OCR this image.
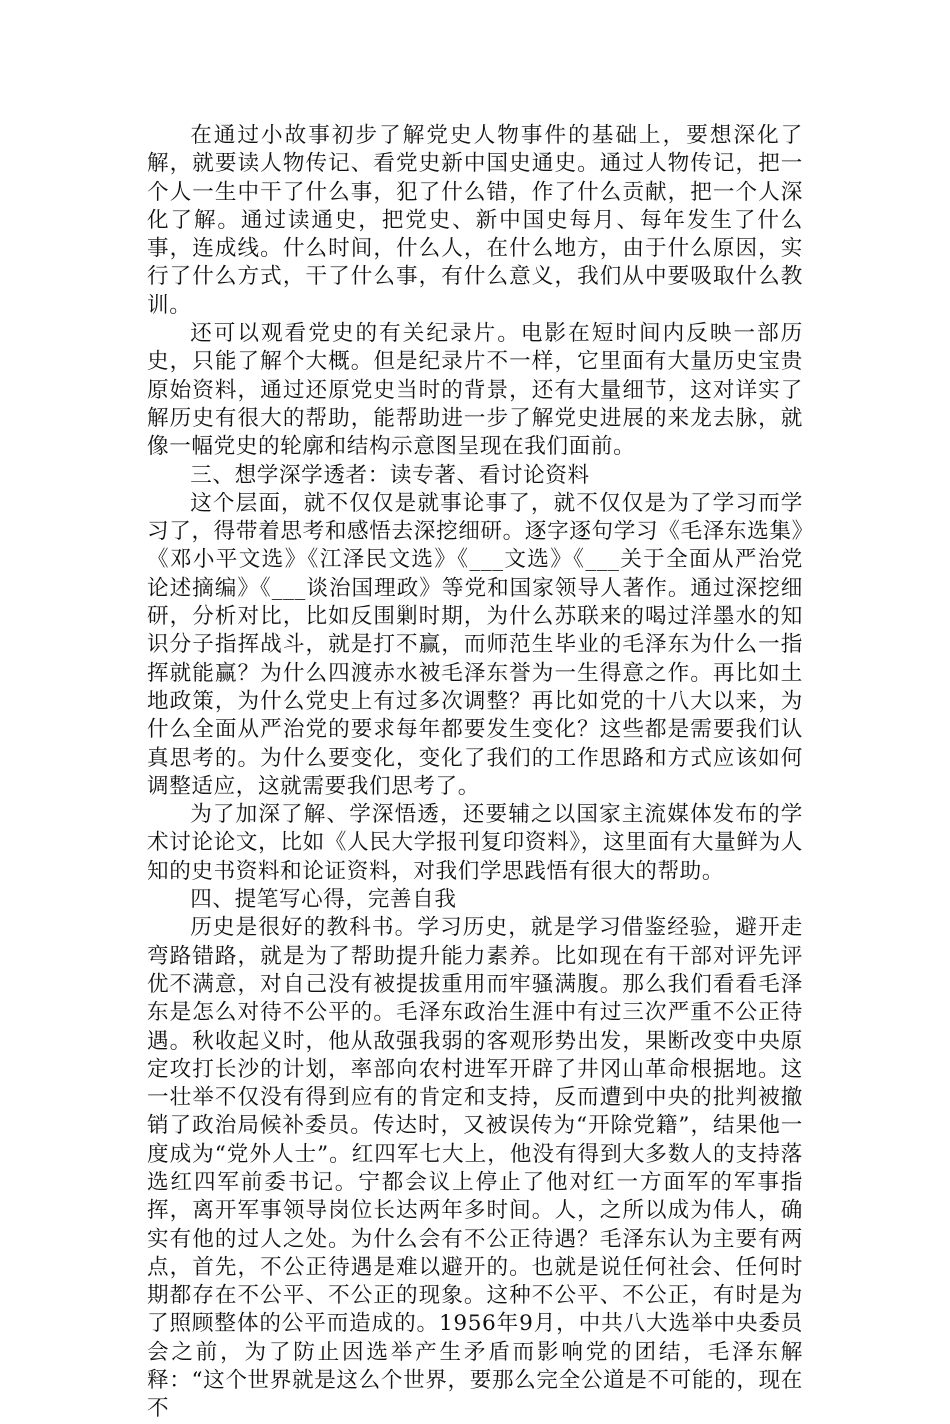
在通过小故事初步了解党史人物事件的基础上，要想深化了解，就要读人物传记、看党史新中国史通史。通过人物传记，把一个人一生中干了什么事，犯了什么错，作了什么贡献，把一个人深化了解。通过读通史，把党史、新中国史每月、每年发生了什么事，连成线。什么时间，什么人，在什么地方，由于什么原因，实行了什么方式，干了什么事，有什么意义，我们从中要吸取什么教训。

还可以观看党史的有关纪录片。电影在短时间内反映一部历史，只能了解个大概。但是纪录片不一样，它里面有大量历史宝贵原始资料，通过还原党史当时的背景，还有大量细节，这对详实了解历史有很大的帮助，能帮助进一步了解党史进展的来龙去脉，就像一幅党史的轮廓和结构示意图呈现在我们面前。

三、想学深学透者：读专著、看讨论资料

这个层面，就不仅仅是就事论事了，就不仅仅是为了学习而学习了，得带着思考和感悟去深挖细研。逐字逐句学习《毛泽东选集》《邓小平文选》《江泽民文选》《___文选》《___关于全面从严治党论述摘编》《___谈治国理政》等党和国家领导人著作。通过深挖细研，分析对比，比如反围剿时期，为什么苏联来的喝过洋墨水的知识分子指挥战斗，就是打不赢，而师范生毕业的毛泽东为什么一指挥就能赢？为什么四渡赤水被毛泽东誉为一生得意之作。再比如土地政策，为什么党史上有过多次调整？再比如党的十八大以来，为什么全面从严治党的要求每年都要发生变化？这些都是需要我们认真思考的。为什么要变化，变化了我们的工作思路和方式应该如何调整适应，这就需要我们思考了。

为了加深了解、学深悟透，还要辅之以国家主流媒体发布的学术讨论论文，比如《人民大学报刊复印资料》，这里面有大量鲜为人知的史书资料和论证资料，对我们学思践悟有很大的帮助。

四、提笔写心得，完善自我

历史是很好的教科书。学习历史，就是学习借鉴经验，避开走弯路错路，就是为了帮助提升能力素养。比如现在有干部对评先评优不满意，对自己没有被提拔重用而牢骚满腹。那么我们看看毛泽东是怎么对待不公平的。毛泽东政治生涯中有过三次严重不公正待遇。秋收起义时，他从敌强我弱的客观形势出发，果断改变中央原定攻打长沙的计划，率部向农村进军开辟了井冈山革命根据地。这一壮举不仅没有得到应有的肯定和支持，反而遭到中央的批判被撤销了政治局候补委员。传达时，又被误传为“开除党籍”，结果他一度成为“党外人士”。红四军七大上，他没有得到大多数人的支持落选红四军前委书记。宁都会议上停止了他对红一方面军的军事指挥，离开军事领导岗位长达两年多时间。人，之所以成为伟人，确实有他的过人之处。为什么会有不公正待遇？毛泽东认为主要有两点，首先，不公正待遇是难以避开的。也就是说任何社会、任何时期都存在不公平、不公正的现象。这种不公平、不公正，有时是为了照顾整体的公平而造成的。1956年9月，中共八大选举中央委员会之前，为了防止因选举产生矛盾而影响党的团结，毛泽东解释：“这个世界就是这么个世界，要那么完全公道是不可能的，现在不
